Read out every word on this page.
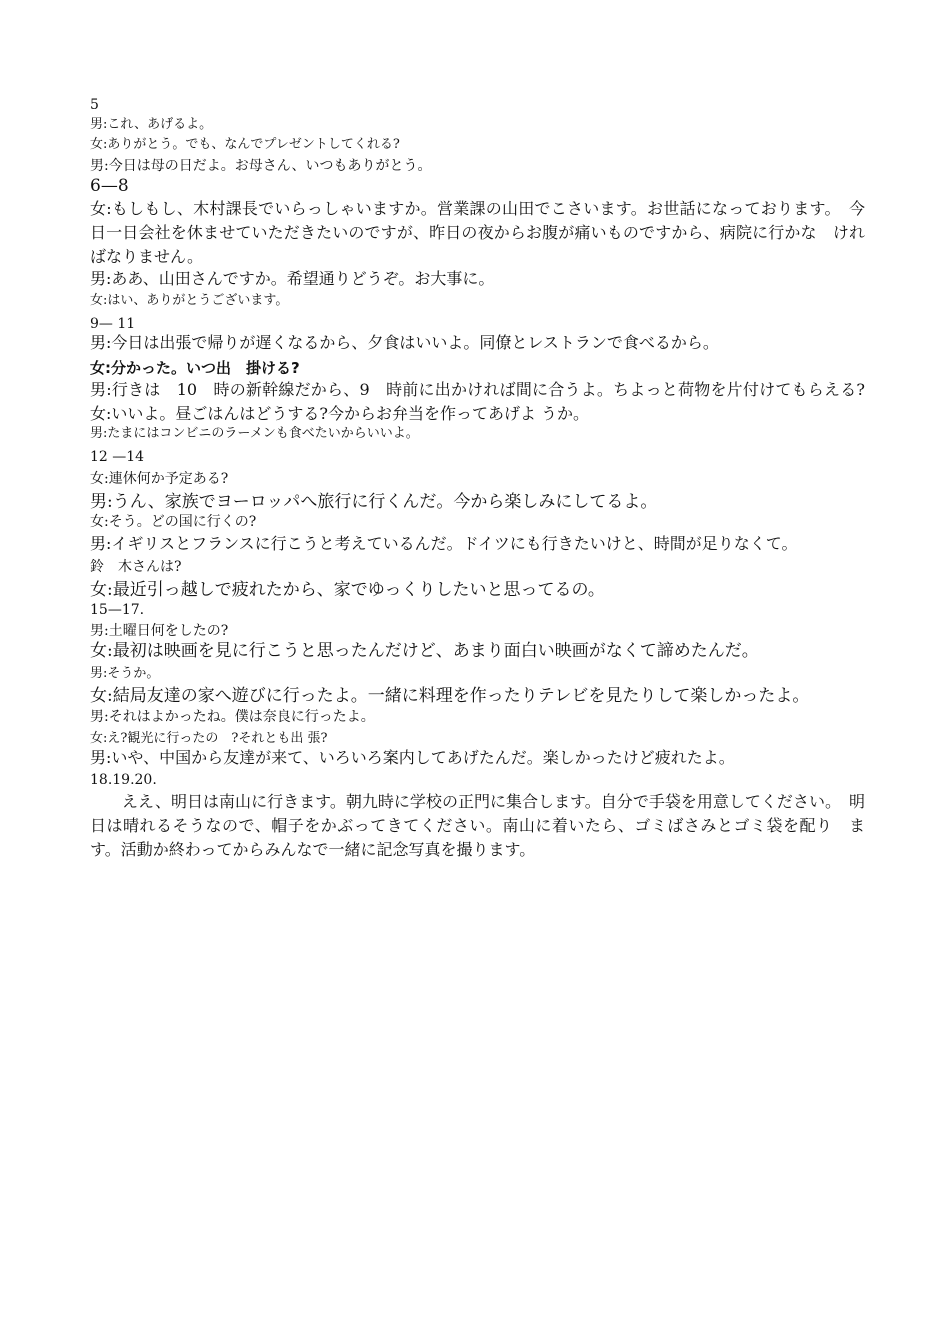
5
男:これ、あげるよ。
女:ありがとう。でも、なんでプレゼントしてくれる?
男:今日は母の日だよ。お母さん、いつもありがとう。
6—8
女:もしもし、木村課長でいらっしゃいますか。営業課の山田でこさいます。お世話になっております。　今日一日会社を休ませていただきたいのですが、昨日の夜からお腹が痛いものですから、病院に行かな　ければなりません。
男:ああ、山田さんですか。希望通りどうぞ。お大事に。
女:はい、ありがとうございます。
9— 11
男:今日は出張で帰りが遅くなるから、夕食はいいよ。同僚とレストランで食べるから。
女:分かった。いつ出　掛ける?
男:行きは　10　時の新幹線だから、9　時前に出かければ間に合うよ。ちよっと荷物を片付けてもらえる?　女:いいよ。昼ごはんはどうする?今からお弁当を作ってあげよ うか。
男:たまにはコンビニのラーメンも食べたいからいいよ。
12 —14
女:連休何か予定ある?
男:うん、家族でヨーロッパへ旅行に行くんだ。今から楽しみにしてるよ。
女:そう。どの国に行くの?
男:イギリスとフランスに行こうと考えているんだ。ドイツにも行きたいけと、時間が足りなくて。
鈴　木さんは?
女:最近引っ越しで疲れたから、家でゆっくりしたいと思ってるの。
15—17.
男:土曜日何をしたの?
女:最初は映画を見に行こうと思ったんだけど、あまり面白い映画がなくて諦めたんだ。
男:そうか。
女:結局友達の家へ遊びに行ったよ。一緒に料理を作ったりテレビを見たりして楽しかったよ。
男:それはよかったね。僕は奈良に行ったよ。
女:え?観光に行ったの　?それとも出 張?
男:いや、中国から友達が来て、いろいろ案内してあげたんだ。楽しかったけど疲れたよ。
18.19.20.
ええ、明日は南山に行きます。朝九時に学校の正門に集合します。自分で手袋を用意してください。　明日は晴れるそうなので、帽子をかぶってきてください。南山に着いたら、ゴミばさみとゴミ袋を配り　ます。活動か終わってからみんなで一緒に記念写真を撮ります。
